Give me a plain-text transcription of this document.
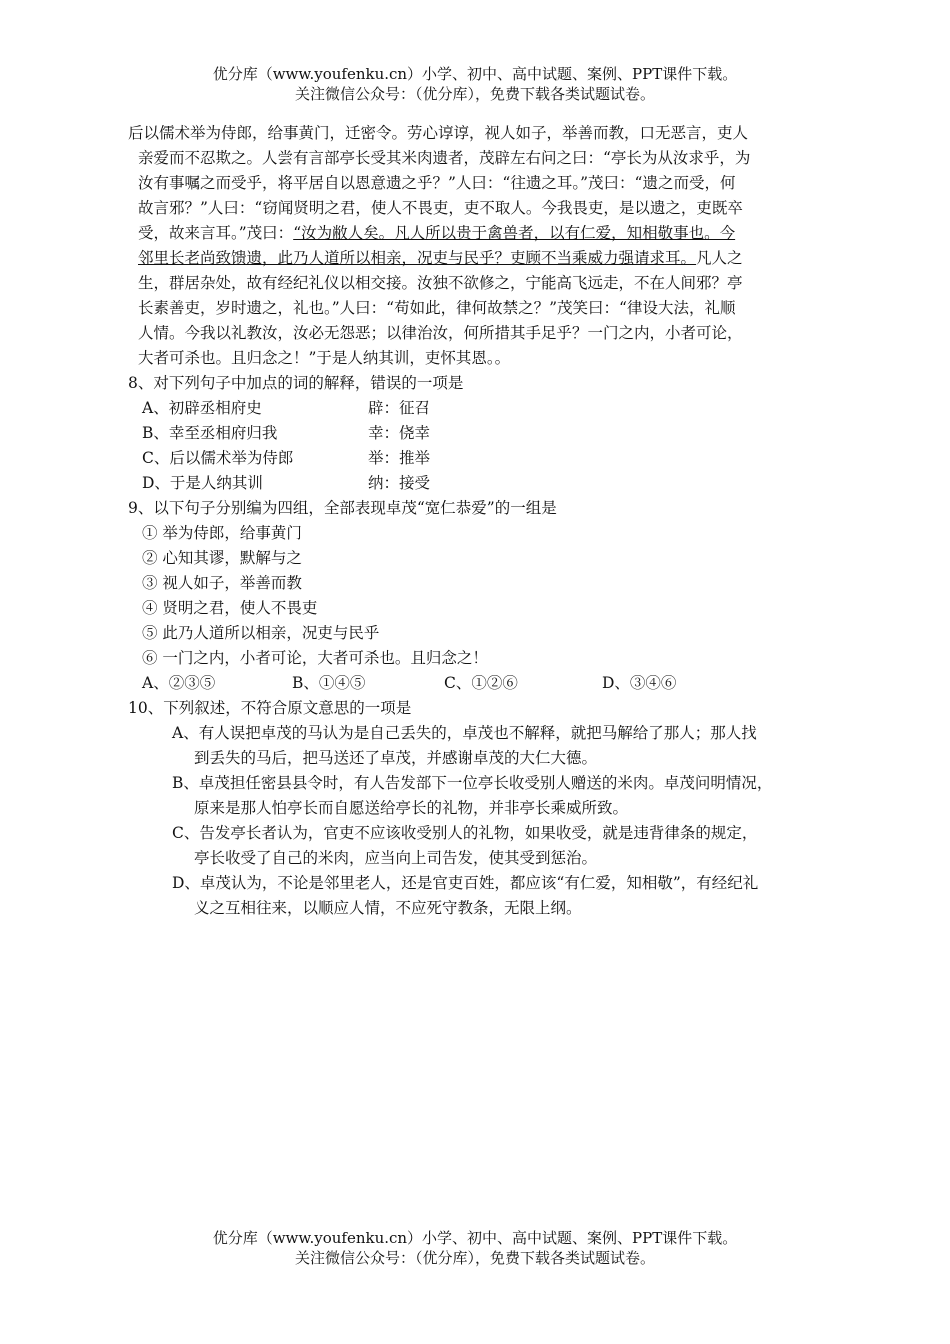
优分库（www.youfenku.cn）小学、初中、高中试题、案例、PPT课件下载。
关注微信公众号：（优分库），免费下载各类试题试卷。
后以儒术举为侍郎，给事黄门，迁密令。劳心谆谆，视人如子，举善而教，口无恶言，吏人
亲爱而不忍欺之。人尝有言部亭长受其米肉遗者，茂辟左右问之曰：“亭长为从汝求乎，为
汝有事嘱之而受乎，将平居自以恩意遗之乎？”人曰：“往遗之耳。”茂曰：“遗之而受，何
故言邪？”人曰：“窃闻贤明之君，使人不畏吏，吏不取人。今我畏吏，是以遗之，吏既卒
受，故来言耳。”茂曰：“汝为敝人矣。凡人所以贵于禽兽者，以有仁爱，知相敬事也。今
邻里长老尚致馈遗，此乃人道所以相亲，况吏与民乎？吏顾不当乘威力强请求耳。凡人之
生，群居杂处，故有经纪礼仪以相交接。汝独不欲修之，宁能高飞远走，不在人间邪？亭
长素善吏，岁时遗之，礼也。”人曰：“苟如此，律何故禁之？”茂笑曰：“律设大法，礼顺
人情。今我以礼教汝，汝必无怨恶；以律治汝，何所措其手足乎？一门之内，小者可论，
大者可杀也。且归念之！”于是人纳其训，吏怀其恩。。
8、对下列句子中加点的词的解释，错误的一项是
A、初辟丞相府史	辟：征召
B、幸至丞相府归我	幸：侥幸
C、后以儒术举为侍郎	举：推举
D、于是人纳其训	纳：接受
9、以下句子分别编为四组，全部表现卓茂“宽仁恭爱”的一组是
① 举为侍郎，给事黄门
② 心知其谬，默解与之
③ 视人如子，举善而教
④ 贤明之君，使人不畏吏
⑤ 此乃人道所以相亲，况吏与民乎
⑥ 一门之内，小者可论，大者可杀也。且归念之！
A、②③⑤	B、①④⑤	C、①②⑥	D、③④⑥
10、下列叙述，不符合原文意思的一项是
A、有人误把卓茂的马认为是自己丢失的，卓茂也不解释，就把马解给了那人；那人找
到丢失的马后，把马送还了卓茂，并感谢卓茂的大仁大德。
B、卓茂担任密县县令时，有人告发部下一位亭长收受别人赠送的米肉。卓茂问明情况，
原来是那人怕亭长而自愿送给亭长的礼物，并非亭长乘威所致。
C、告发亭长者认为，官吏不应该收受别人的礼物，如果收受，就是违背律条的规定，
亭长收受了自己的米肉，应当向上司告发，使其受到惩治。
D、卓茂认为，不论是邻里老人，还是官吏百姓，都应该“有仁爱，知相敬”，有经纪礼
义之互相往来，以顺应人情，不应死守教条，无限上纲。
优分库（www.youfenku.cn）小学、初中、高中试题、案例、PPT课件下载。
关注微信公众号：（优分库），免费下载各类试题试卷。
